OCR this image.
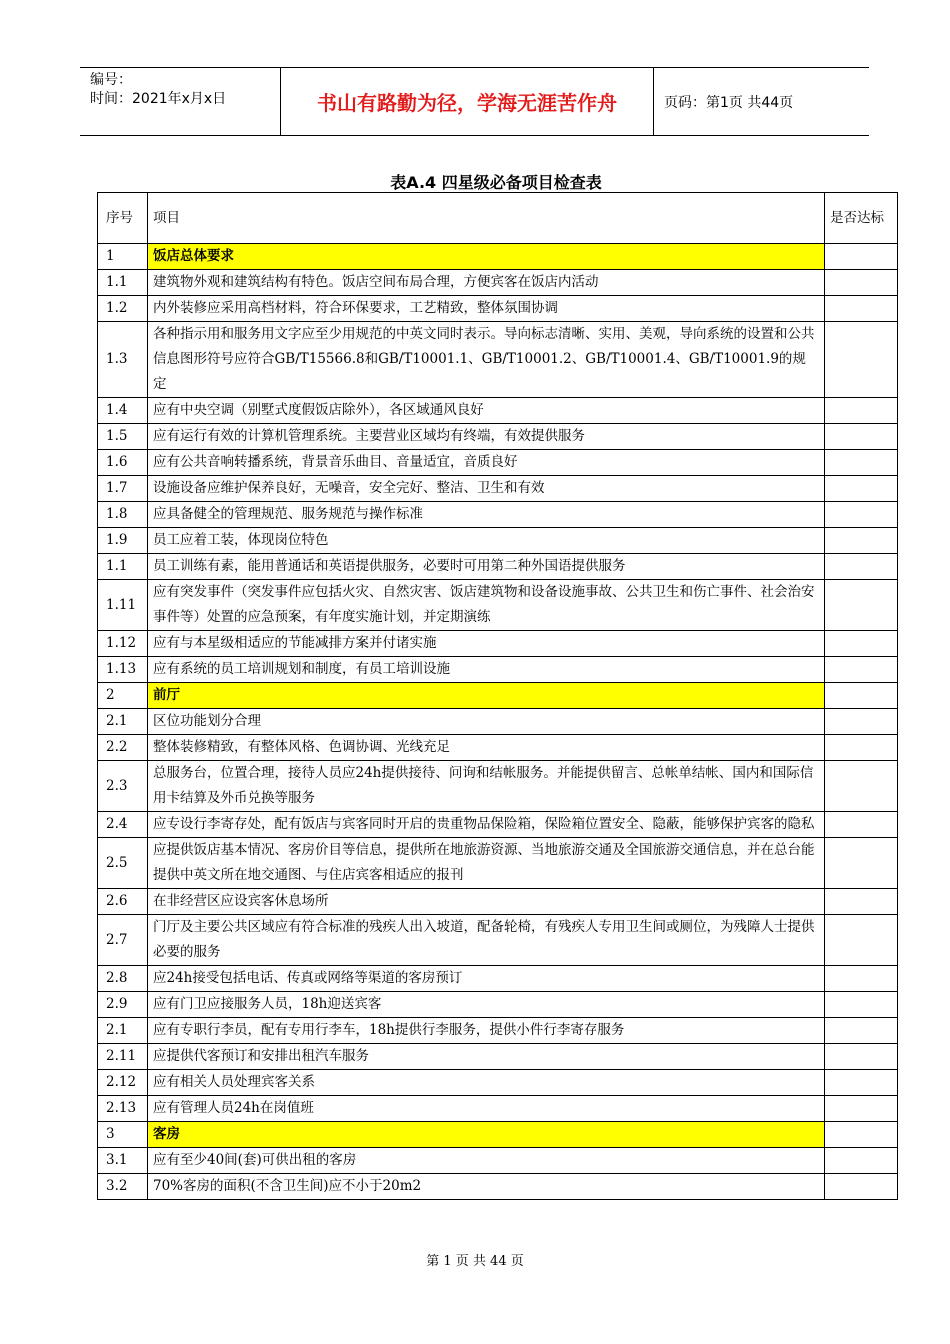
编号：
时间：2021年x月x日	书山有路勤为径，学海无涯苦作舟	页码：第1页 共44页
表A.4 四星级必备项目检查表
序号	项目	是否达标
1	饭店总体要求	
1.1	建筑物外观和建筑结构有特色。饭店空间布局合理，方便宾客在饭店内活动	
1.2	内外装修应采用高档材料，符合环保要求，工艺精致，整体氛围协调	
1.3	各种指示用和服务用文字应至少用规范的中英文同时表示。导向标志清晰、实用、美观，导向系统的设置和公共信息图形符号应符合GB/T15566.8和GB/T10001.1、GB/T10001.2、GB/T10001.4、GB/T10001.9的规定	
1.4	应有中央空调（别墅式度假饭店除外），各区域通风良好	
1.5	应有运行有效的计算机管理系统。主要营业区域均有终端，有效提供服务	
1.6	应有公共音响转播系统，背景音乐曲目、音量适宜，音质良好	
1.7	设施设备应维护保养良好，无噪音，安全完好、整洁、卫生和有效	
1.8	应具备健全的管理规范、服务规范与操作标准	
1.9	员工应着工装，体现岗位特色	
1.1	员工训练有素，能用普通话和英语提供服务，必要时可用第二种外国语提供服务	
1.11	应有突发事件（突发事件应包括火灾、自然灾害、饭店建筑物和设备设施事故、公共卫生和伤亡事件、社会治安事件等）处置的应急预案，有年度实施计划，并定期演练	
1.12	应有与本星级相适应的节能减排方案并付诸实施	
1.13	应有系统的员工培训规划和制度，有员工培训设施	
2	前厅	
2.1	区位功能划分合理	
2.2	整体装修精致，有整体风格、色调协调、光线充足	
2.3	总服务台，位置合理，接待人员应24h提供接待、问询和结帐服务。并能提供留言、总帐单结帐、国内和国际信用卡结算及外币兑换等服务	
2.4	应专设行李寄存处，配有饭店与宾客同时开启的贵重物品保险箱，保险箱位置安全、隐蔽，能够保护宾客的隐私	
2.5	应提供饭店基本情况、客房价目等信息，提供所在地旅游资源、当地旅游交通及全国旅游交通信息，并在总台能提供中英文所在地交通图、与住店宾客相适应的报刊	
2.6	在非经营区应设宾客休息场所	
2.7	门厅及主要公共区域应有符合标准的残疾人出入坡道，配备轮椅，有残疾人专用卫生间或厕位，为残障人士提供必要的服务	
2.8	应24h接受包括电话、传真或网络等渠道的客房预订	
2.9	应有门卫应接服务人员，18h迎送宾客	
2.1	应有专职行李员，配有专用行李车，18h提供行李服务，提供小件行李寄存服务	
2.11	应提供代客预订和安排出租汽车服务	
2.12	应有相关人员处理宾客关系	
2.13	应有管理人员24h在岗值班	
3	客房	
3.1	应有至少40间(套)可供出租的客房	
3.2	70%客房的面积(不含卫生间)应不小于20m2	
第 1 页 共 44 页
